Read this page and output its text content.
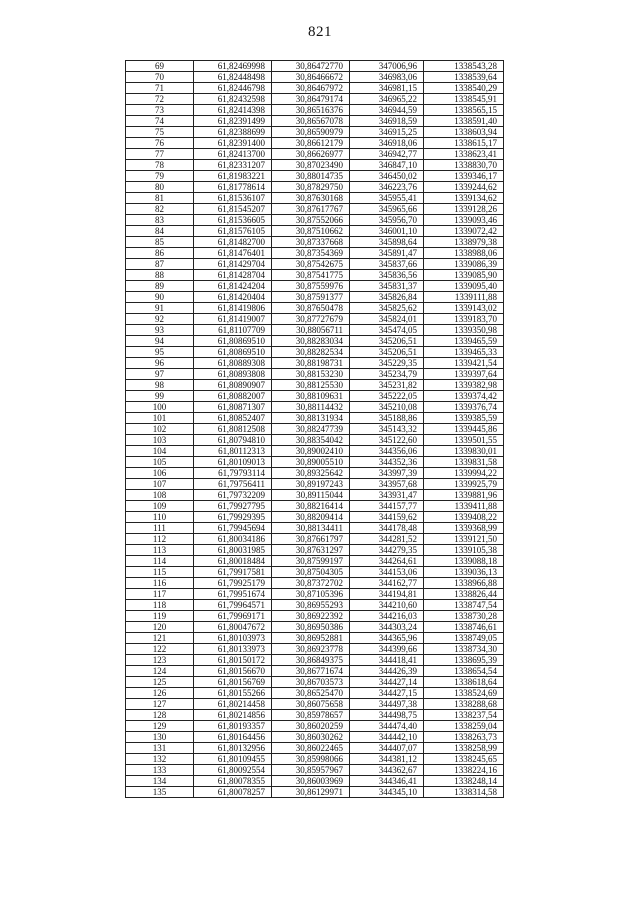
821
69	61,82469998	30,86472770	347006,96	1338543,28
70	61,82448498	30,86466672	346983,06	1338539,64
71	61,82446798	30,86467972	346981,15	1338540,29
72	61,82432598	30,86479174	346965,22	1338545,91
73	61,82414398	30,86516376	346944,59	1338565,15
74	61,82391499	30,86567078	346918,59	1338591,40
75	61,82388699	30,86590979	346915,25	1338603,94
76	61,82391400	30,86612179	346918,06	1338615,17
77	61,82413700	30,86626977	346942,77	1338623,41
78	61,82331207	30,87023490	346847,10	1338830,70
79	61,81983221	30,88014735	346450,02	1339346,17
80	61,81778614	30,87829750	346223,76	1339244,62
81	61,81536107	30,87630168	345955,41	1339134,62
82	61,81545207	30,87617767	345965,66	1339128,26
83	61,81536605	30,87552066	345956,70	1339093,46
84	61,81576105	30,87510662	346001,10	1339072,42
85	61,81482700	30,87337668	345898,64	1338979,38
86	61,81476401	30,87354369	345891,47	1338988,06
87	61,81429704	30,87542675	345837,66	1339086,39
88	61,81428704	30,87541775	345836,56	1339085,90
89	61,81424204	30,87559976	345831,37	1339095,40
90	61,81420404	30,87591377	345826,84	1339111,88
91	61,81419806	30,87650478	345825,62	1339143,02
92	61,81419007	30,87727679	345824,01	1339183,70
93	61,81107709	30,88056711	345474,05	1339350,98
94	61,80869510	30,88283034	345206,51	1339465,59
95	61,80869510	30,88282534	345206,51	1339465,33
96	61,80889308	30,88198731	345229,35	1339421,54
97	61,80893808	30,88153230	345234,79	1339397,64
98	61,80890907	30,88125530	345231,82	1339382,98
99	61,80882007	30,88109631	345222,05	1339374,42
100	61,80871307	30,88114432	345210,08	1339376,74
101	61,80852407	30,88131934	345188,86	1339385,59
102	61,80812508	30,88247739	345143,32	1339445,86
103	61,80794810	30,88354042	345122,60	1339501,55
104	61,80112313	30,89002410	344356,06	1339830,01
105	61,80109013	30,89005510	344352,36	1339831,58
106	61,79793114	30,89325642	343997,39	1339994,22
107	61,79756411	30,89197243	343957,68	1339925,79
108	61,79732209	30,89115044	343931,47	1339881,96
109	61,79927795	30,88216414	344157,77	1339411,88
110	61,79929395	30,88209414	344159,62	1339408,22
111	61,79945694	30,88134411	344178,48	1339368,99
112	61,80034186	30,87661797	344281,52	1339121,50
113	61,80031985	30,87631297	344279,35	1339105,38
114	61,80018484	30,87599197	344264,61	1339088,18
115	61,79917581	30,87504305	344153,06	1339036,13
116	61,79925179	30,87372702	344162,77	1338966,88
117	61,79951674	30,87105396	344194,81	1338826,44
118	61,79964571	30,86955293	344210,60	1338747,54
119	61,79969171	30,86922392	344216,03	1338730,28
120	61,80047672	30,86950386	344303,24	1338746,61
121	61,80103973	30,86952881	344365,96	1338749,05
122	61,80133973	30,86923778	344399,66	1338734,30
123	61,80150172	30,86849375	344418,41	1338695,39
124	61,80156670	30,86771674	344426,39	1338654,54
125	61,80156769	30,86703573	344427,14	1338618,64
126	61,80155266	30,86525470	344427,15	1338524,69
127	61,80214458	30,86075658	344497,38	1338288,68
128	61,80214856	30,85978657	344498,75	1338237,54
129	61,80193357	30,86020259	344474,40	1338259,04
130	61,80164456	30,86030262	344442,10	1338263,73
131	61,80132956	30,86022465	344407,07	1338258,99
132	61,80109455	30,85998066	344381,12	1338245,65
133	61,80092554	30,85957967	344362,67	1338224,16
134	61,80078355	30,86003969	344346,41	1338248,14
135	61,80078257	30,86129971	344345,10	1338314,58
